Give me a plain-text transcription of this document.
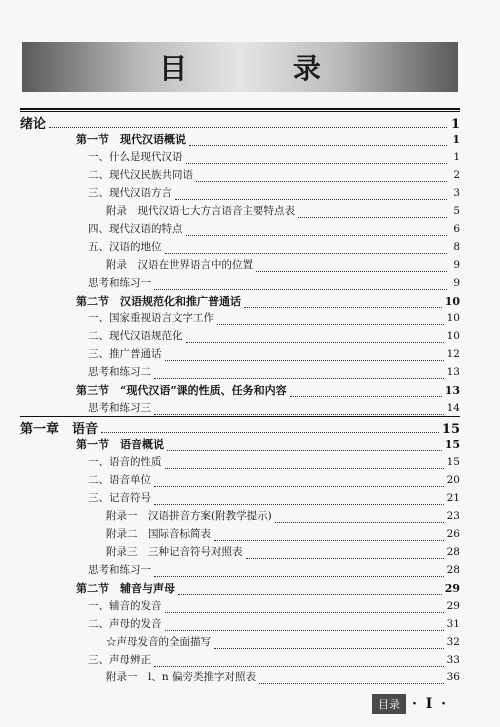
目 录
绪论	1
第一节　现代汉语概说	1
一、什么是现代汉语	1
二、现代汉民族共同语	2
三、现代汉语方言	3
附录　现代汉语七大方言语音主要特点表	5
四、现代汉语的特点	6
五、汉语的地位	8
附录　汉语在世界语言中的位置	9
思考和练习一	9
第二节　汉语规范化和推广普通话	10
一、国家重视语言文字工作	10
二、现代汉语规范化	10
三、推广普通话	12
思考和练习二	13
第三节　“现代汉语”课的性质、任务和内容	13
思考和练习三	14
第一章　语音	15
第一节　语音概说	15
一、语音的性质	15
二、语音单位	20
三、记音符号	21
附录一　汉语拼音方案(附教学提示)	23
附录二　国际音标简表	26
附录三　三种记音符号对照表	28
思考和练习一	28
第二节　辅音与声母	29
一、辅音的发音	29
二、声母的发音	31
☆声母发音的全面描写	32
三、声母辨正	33
附录一　l、n 偏旁类推字对照表	36
目录 · I ·
